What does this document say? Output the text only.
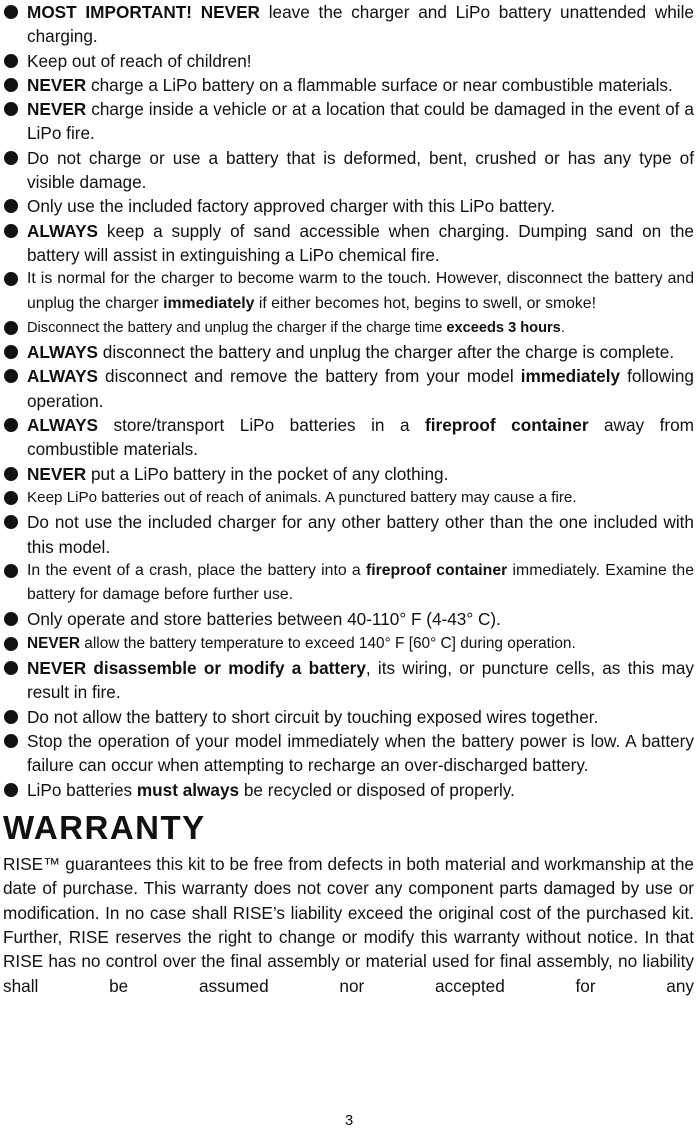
MOST IMPORTANT! NEVER leave the charger and LiPo battery unattended while charging.
Keep out of reach of children!
NEVER charge a LiPo battery on a flammable surface or near combustible materials.
NEVER charge inside a vehicle or at a location that could be damaged in the event of a LiPo fire.
Do not charge or use a battery that is deformed, bent, crushed or has any type of visible damage.
Only use the included factory approved charger with this LiPo battery.
ALWAYS keep a supply of sand accessible when charging. Dumping sand on the battery will assist in extinguishing a LiPo chemical fire.
It is normal for the charger to become warm to the touch. However, disconnect the battery and unplug the charger immediately if either becomes hot, begins to swell, or smoke!
Disconnect the battery and unplug the charger if the charge time exceeds 3 hours.
ALWAYS disconnect the battery and unplug the charger after the charge is complete.
ALWAYS disconnect and remove the battery from your model immediately following operation.
ALWAYS store/transport LiPo batteries in a fireproof container away from combustible materials.
NEVER put a LiPo battery in the pocket of any clothing.
Keep LiPo batteries out of reach of animals. A punctured battery may cause a fire.
Do not use the included charger for any other battery other than the one included with this model.
In the event of a crash, place the battery into a fireproof container immediately. Examine the battery for damage before further use.
Only operate and store batteries between 40-110° F (4-43° C).
NEVER allow the battery temperature to exceed 140° F [60° C] during operation.
NEVER disassemble or modify a battery, its wiring, or puncture cells, as this may result in fire.
Do not allow the battery to short circuit by touching exposed wires together.
Stop the operation of your model immediately when the battery power is low. A battery failure can occur when attempting to recharge an over-discharged battery.
LiPo batteries must always be recycled or disposed of properly.
WARRANTY

RISE™ guarantees this kit to be free from defects in both material and workmanship at the date of purchase. This warranty does not cover any component parts damaged by use or modification. In no case shall RISE’s liability exceed the original cost of the purchased kit. Further, RISE reserves the right to change or modify this warranty without notice. In that RISE has no control over the final assembly or material used for final assembly, no liability shall be assumed nor accepted for any

3
